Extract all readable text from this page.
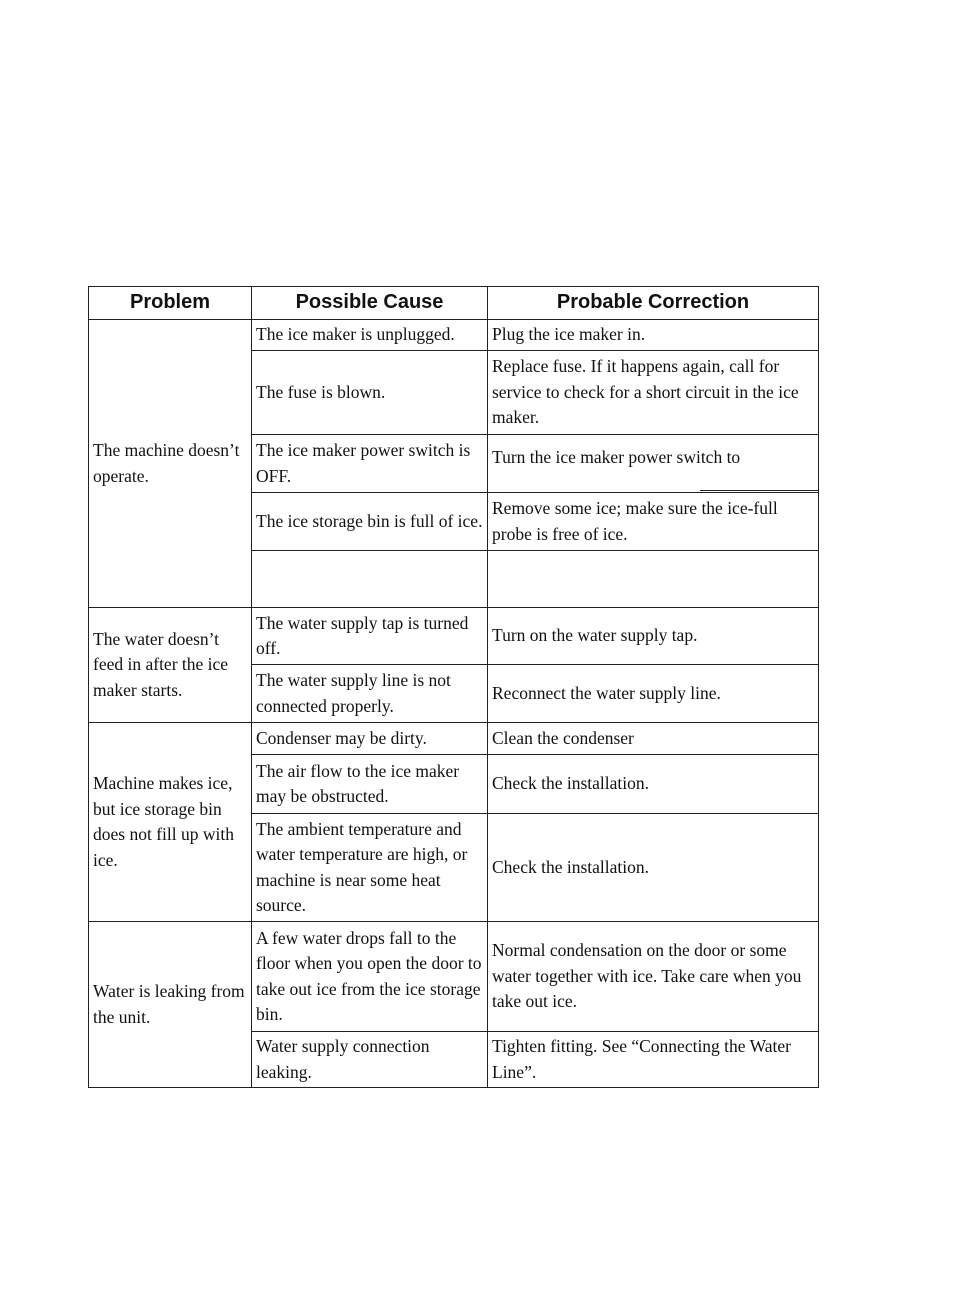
Problem	Possible Cause	Probable Correction
The machine doesn’t operate.	The ice maker is unplugged.	Plug the ice maker in.
	The fuse is blown.	Replace fuse. If it happens again, call for service to check for a short circuit in the ice maker.
	The ice maker power switch is OFF.	Turn the ice maker power switch to
	The ice storage bin is full of ice.	Remove some ice; make sure the ice-full probe is free of ice.

The water doesn’t feed in after the ice maker starts.	The water supply tap is turned off.	Turn on the water supply tap.
	The water supply line is not connected properly.	Reconnect the water supply line.
Machine makes ice, but ice storage bin does not fill up with ice.	Condenser may be dirty.	Clean the condenser
	The air flow to the ice maker may be obstructed.	Check the installation.
	The ambient temperature and water temperature are high, or machine is near some heat source.	Check the installation.
Water is leaking from the unit.	A few water drops fall to the floor when you open the door to take out ice from the ice storage bin.	Normal condensation on the door or some water together with ice. Take care when you take out ice.
	Water supply connection leaking.	Tighten fitting. See “Connecting the Water Line”.
